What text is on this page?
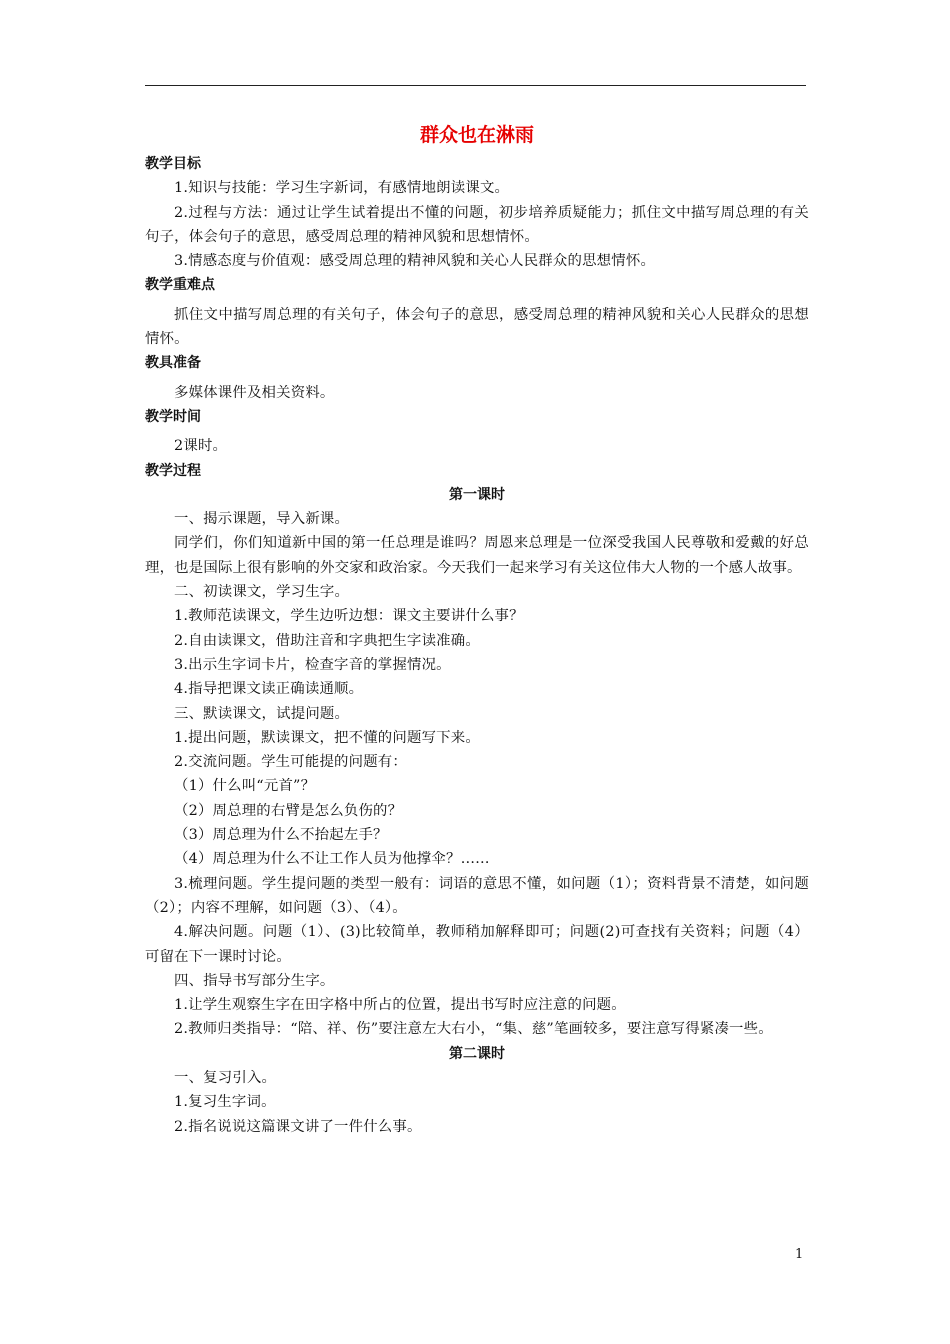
群众也在淋雨
教学目标
1.知识与技能：学习生字新词，有感情地朗读课文。
2.过程与方法：通过让学生试着提出不懂的问题，初步培养质疑能力；抓住文中描写周总理的有关句子，体会句子的意思，感受周总理的精神风貌和思想情怀。
3.情感态度与价值观：感受周总理的精神风貌和关心人民群众的思想情怀。
教学重难点
抓住文中描写周总理的有关句子，体会句子的意思，感受周总理的精神风貌和关心人民群众的思想情怀。
教具准备
多媒体课件及相关资料。
教学时间
2课时。
教学过程
第一课时
一、揭示课题，导入新课。
同学们，你们知道新中国的第一任总理是谁吗？周恩来总理是一位深受我国人民尊敬和爱戴的好总理，也是国际上很有影响的外交家和政治家。今天我们一起来学习有关这位伟大人物的一个感人故事。
二、初读课文，学习生字。
1.教师范读课文，学生边听边想：课文主要讲什么事？
2.自由读课文，借助注音和字典把生字读准确。
3.出示生字词卡片，检查字音的掌握情况。
4.指导把课文读正确读通顺。
三、默读课文，试提问题。
1.提出问题，默读课文，把不懂的问题写下来。
2.交流问题。学生可能提的问题有：
（1）什么叫“元首”？
（2）周总理的右臂是怎么负伤的？
（3）周总理为什么不抬起左手？
（4）周总理为什么不让工作人员为他撑伞？……
3.梳理问题。学生提问题的类型一般有：词语的意思不懂，如问题（1）；资料背景不清楚，如问题（2）；内容不理解，如问题（3）、（4）。
4.解决问题。问题（1）、(3)比较简单，教师稍加解释即可；问题(2)可查找有关资料；问题（4）可留在下一课时讨论。
四、指导书写部分生字。
1.让学生观察生字在田字格中所占的位置，提出书写时应注意的问题。
2.教师归类指导：“陪、祥、伤”要注意左大右小，“集、慈”笔画较多，要注意写得紧凑一些。
第二课时
一、复习引入。
1.复习生字词。
2.指名说说这篇课文讲了一件什么事。
1
